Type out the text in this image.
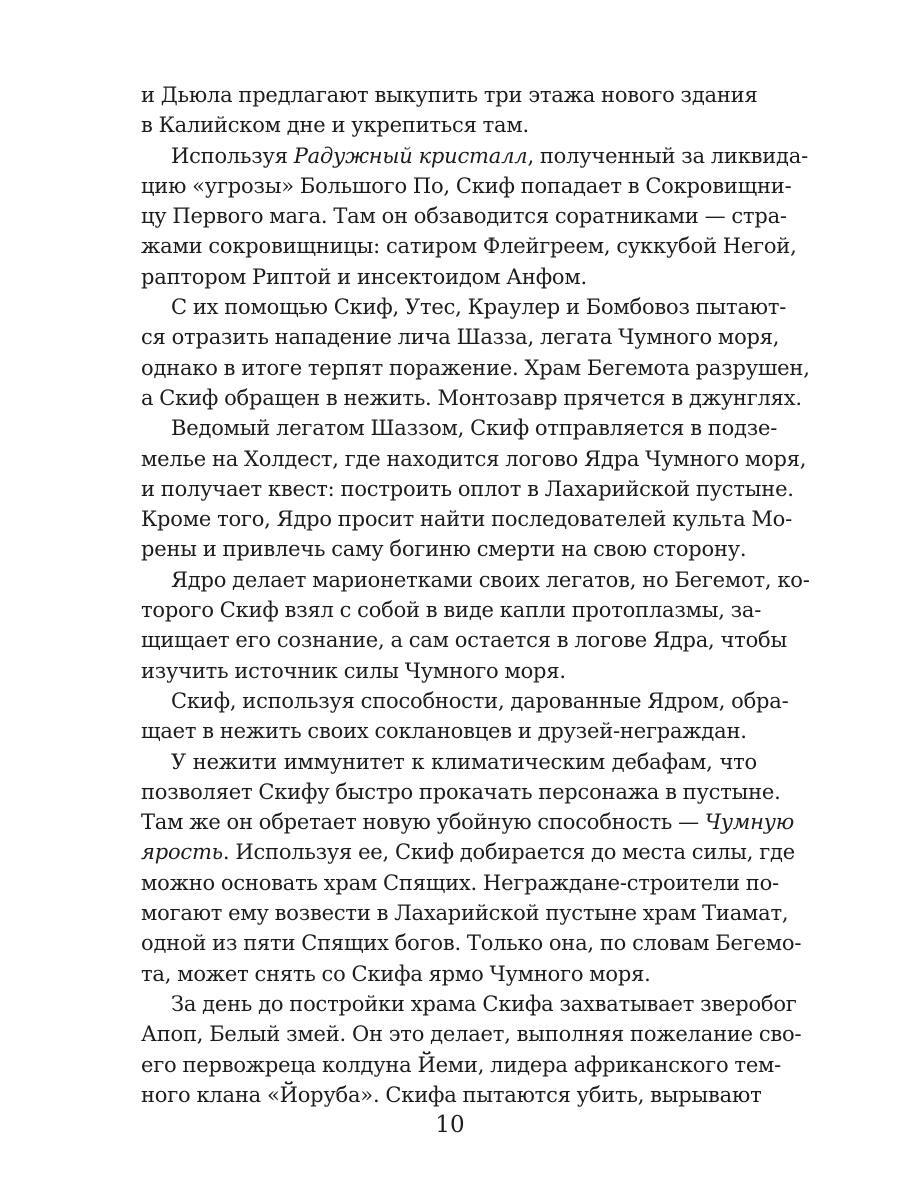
и Дьюла предлагают выкупить три этажа нового здания
в Калийском дне и укрепиться там.
Используя Радужный кристалл, полученный за ликвида-
цию «угрозы» Большого По, Скиф попадает в Сокровищни-
цу Первого мага. Там он обзаводится соратниками — стра-
жами сокровищницы: сатиром Флейгреем, суккубой Негой,
раптором Риптой и инсектоидом Анфом.
С их помощью Скиф, Утес, Краулер и Бомбовоз пытают-
ся отразить нападение лича Шазза, легата Чумного моря,
однако в итоге терпят поражение. Храм Бегемота разрушен,
а Скиф обращен в нежить. Монтозавр прячется в джунглях.
Ведомый легатом Шаззом, Скиф отправляется в подзе-
мелье на Холдест, где находится логово Ядра Чумного моря,
и получает квест: построить оплот в Лахарийской пустыне.
Кроме того, Ядро просит найти последователей культа Мо-
рены и привлечь саму богиню смерти на свою сторону.
Ядро делает марионетками своих легатов, но Бегемот, ко-
торого Скиф взял с собой в виде капли протоплазмы, за-
щищает его сознание, а сам остается в логове Ядра, чтобы
изучить источник силы Чумного моря.
Скиф, используя способности, дарованные Ядром, обра-
щает в нежить своих соклановцев и друзей-неграждан.
У нежити иммунитет к климатическим дебафам, что
позволяет Скифу быстро прокачать персонажа в пустыне.
Там же он обретает новую убойную способность — Чумную
ярость. Используя ее, Скиф добирается до места силы, где
можно основать храм Спящих. Неграждане-строители по-
могают ему возвести в Лахарийской пустыне храм Тиамат,
одной из пяти Спящих богов. Только она, по словам Бегемо-
та, может снять со Скифа ярмо Чумного моря.
За день до постройки храма Скифа захватывает зверобог
Апоп, Белый змей. Он это делает, выполняя пожелание сво-
его первожреца колдуна Йеми, лидера африканского тем-
ного клана «Йоруба». Скифа пытаются убить, вырывают
10
